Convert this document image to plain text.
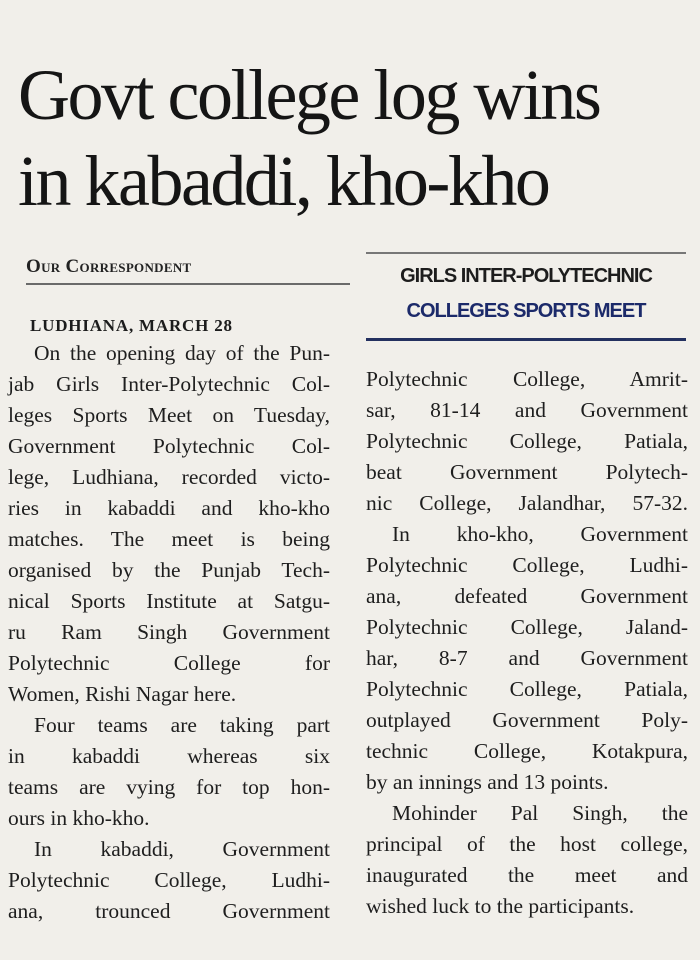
Govt college log wins
in kabaddi, kho-kho
Our Correspondent	GIRLS INTER-POLYTECHNIC
COLLEGES SPORTS MEET
LUDHIANA, MARCH 28
On the opening day of the Pun-
jab Girls Inter-Polytechnic Col-
leges Sports Meet on Tuesday,
Government Polytechnic Col-
lege, Ludhiana, recorded victo-
ries in kabaddi and kho-kho
matches. The meet is being
organised by the Punjab Tech-
nical Sports Institute at Satgu-
ru Ram Singh Government
Polytechnic College for
Women, Rishi Nagar here.
Four teams are taking part
in kabaddi whereas six
teams are vying for top hon-
ours in kho-kho.
In kabaddi, Government
Polytechnic College, Ludhi-
ana, trounced Government
Polytechnic College, Amrit-
sar, 81-14 and Government
Polytechnic College, Patiala,
beat Government Polytech-
nic College, Jalandhar, 57-32.
In kho-kho, Government
Polytechnic College, Ludhi-
ana, defeated Government
Polytechnic College, Jaland-
har, 8-7 and Government
Polytechnic College, Patiala,
outplayed Government Poly-
technic College, Kotakpura,
by an innings and 13 points.
Mohinder Pal Singh, the
principal of the host college,
inaugurated the meet and
wished luck to the participants.
